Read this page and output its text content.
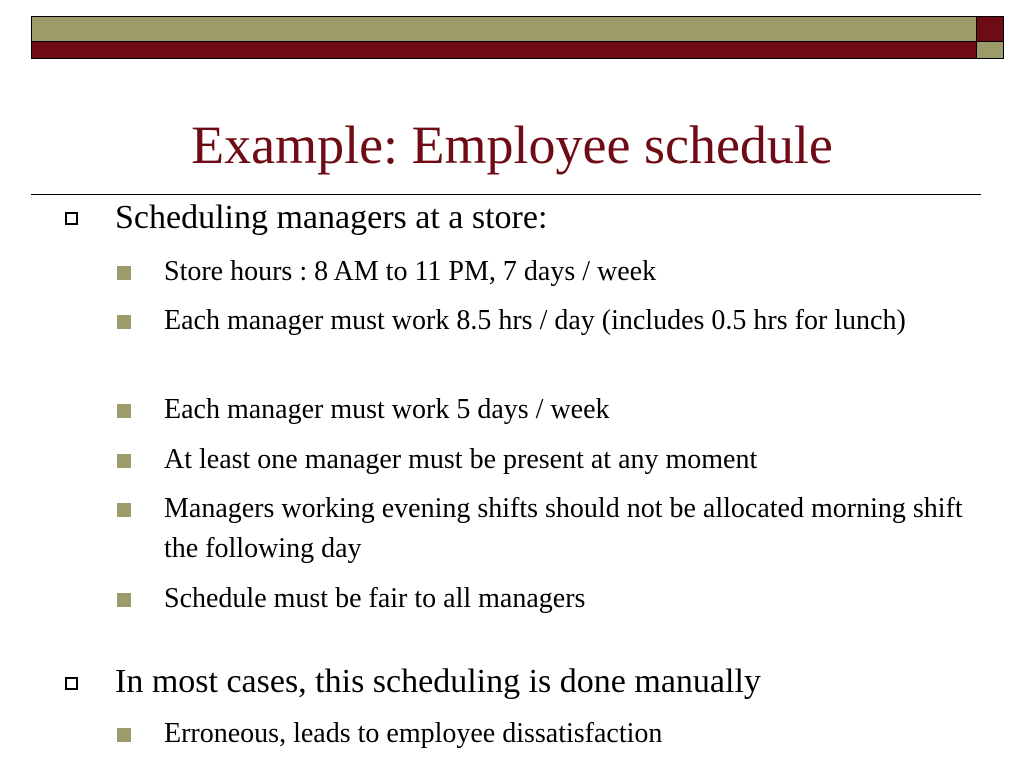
Example: Employee schedule
Scheduling managers at a store:
Store hours : 8 AM to 11 PM, 7 days / week
Each manager must work 8.5 hrs / day (includes 0.5 hrs for lunch)
Each manager must work 5 days / week
At least one manager must be present at any moment
Managers working evening shifts should not be allocated morning shift the following day
Schedule must be fair to all managers
In most cases, this scheduling is done manually
Erroneous, leads to employee dissatisfaction
